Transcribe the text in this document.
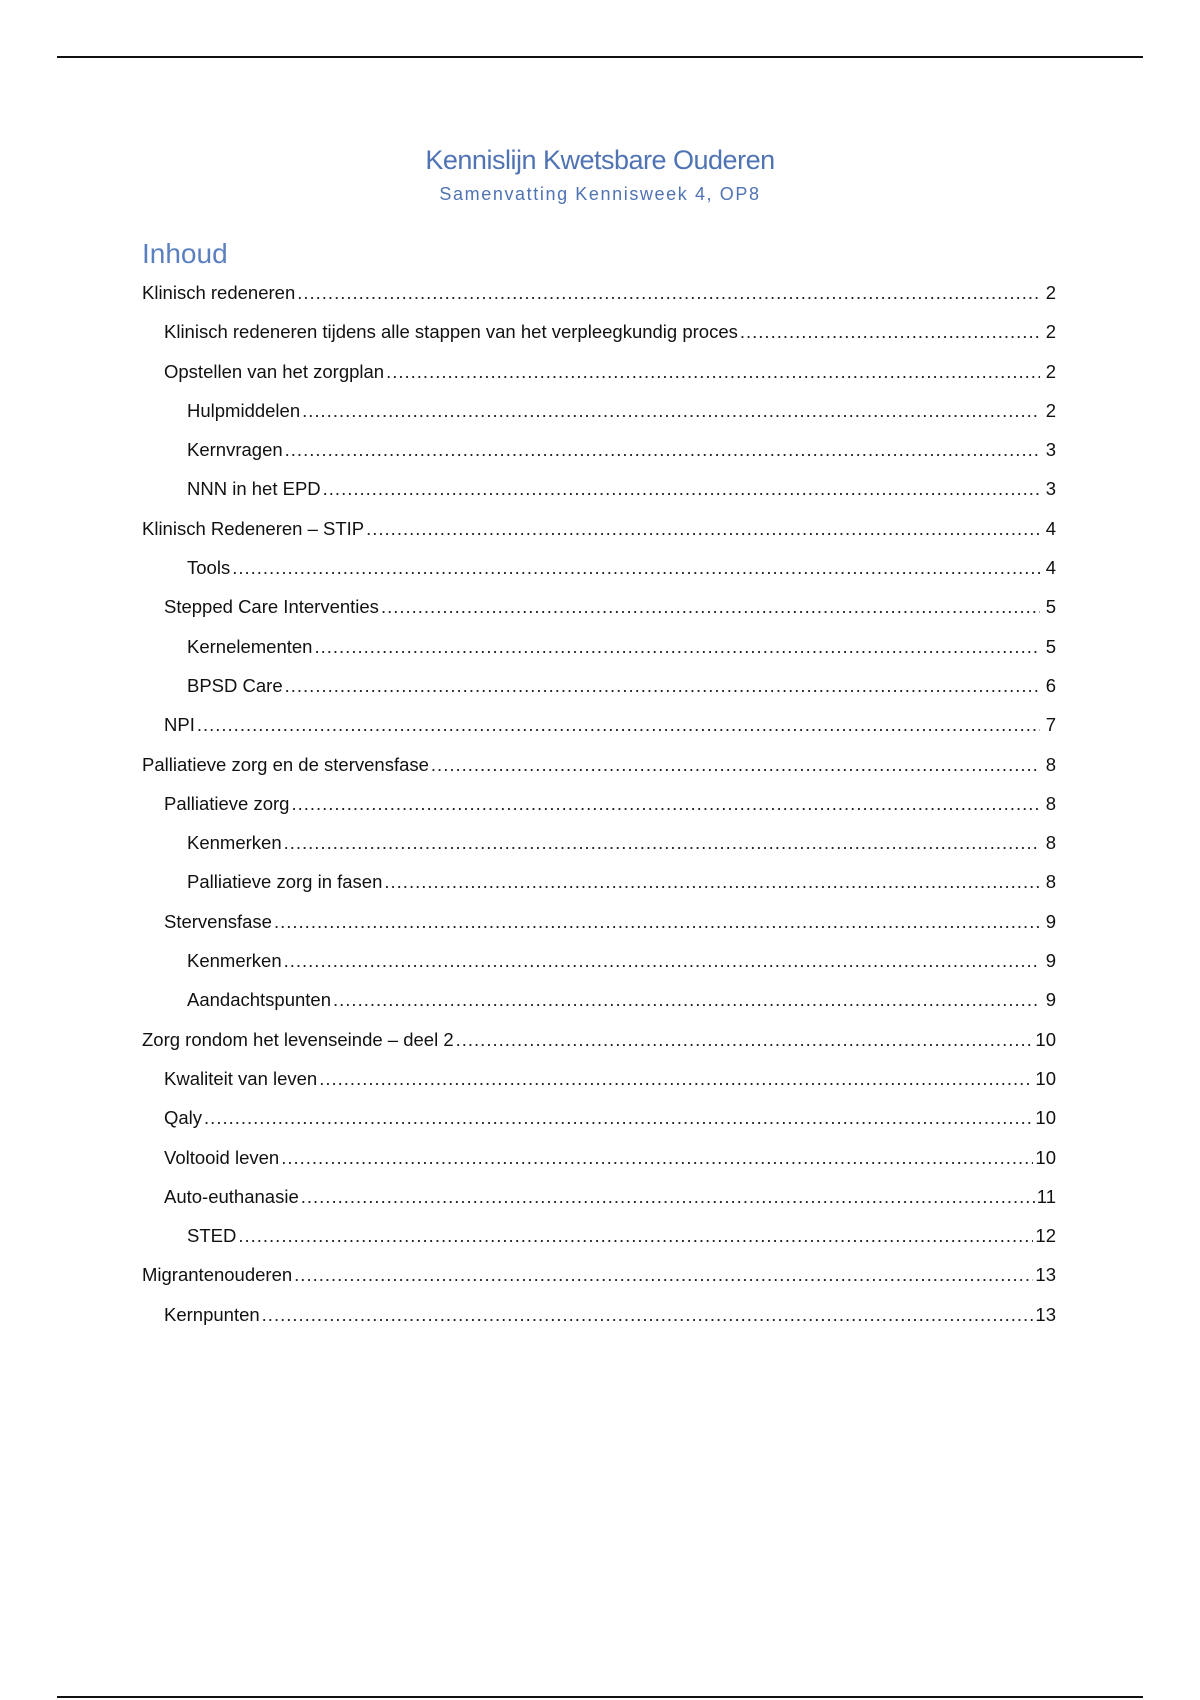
Kennislijn Kwetsbare Ouderen
Samenvatting Kennisweek 4, OP8
Inhoud
Klinisch redeneren .....	2
Klinisch redeneren tijdens alle stappen van het verpleegkundig proces .....	2
Opstellen van het zorgplan .....	2
Hulpmiddelen .....	2
Kernvragen .....	3
NNN in het EPD .....	3
Klinisch Redeneren – STIP .....	4
Tools .....	4
Stepped Care Interventies .....	5
Kernelementen .....	5
BPSD Care .....	6
NPI .....	7
Palliatieve zorg en de stervensfase .....	8
Palliatieve zorg .....	8
Kenmerken .....	8
Palliatieve zorg in fasen .....	8
Stervensfase .....	9
Kenmerken .....	9
Aandachtspunten .....	9
Zorg rondom het levenseinde – deel 2 .....	10
Kwaliteit van leven .....	10
Qaly .....	10
Voltooid leven .....	10
Auto-euthanasie .....	11
STED .....	12
Migrantenouderen .....	13
Kernpunten .....	13
